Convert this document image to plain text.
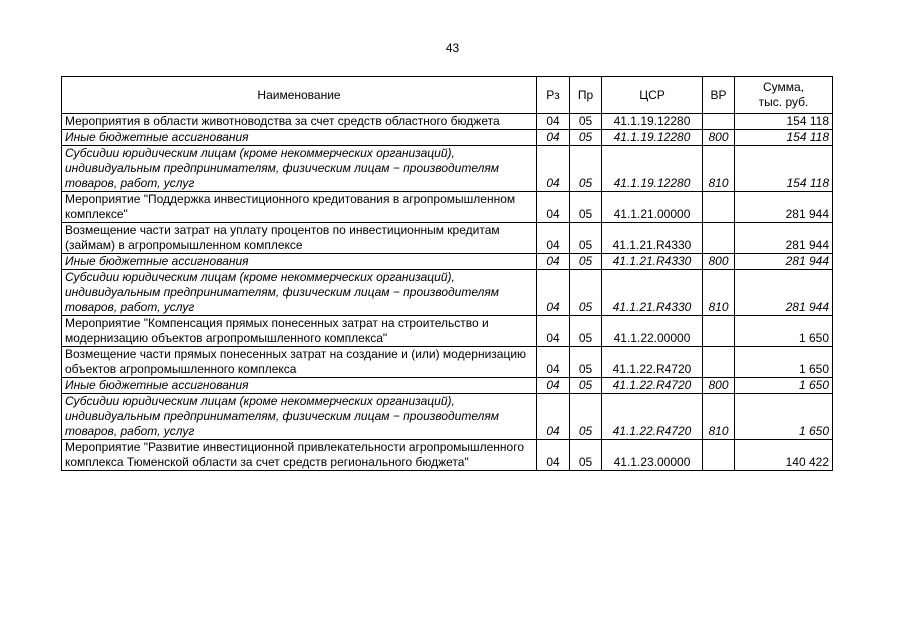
43
Наименование	Рз	Пр	ЦСР	ВР	Сумма,
тыс. руб.

Мероприятия в области животноводства за счет средств областного бюджета	04	05	41.1.19.12280		154 118
Иные бюджетные ассигнования	04	05	41.1.19.12280	800	154 118
Субсидии юридическим лицам (кроме некоммерческих организаций), индивидуальным предпринимателям, физическим лицам − производителям товаров, работ, услуг	04	05	41.1.19.12280	810	154 118
Мероприятие "Поддержка инвестиционного кредитования в агропромышленном комплексе"	04	05	41.1.21.00000		281 944
Возмещение части затрат на уплату процентов по инвестиционным кредитам (займам) в агропромышленном комплексе	04	05	41.1.21.R4330		281 944
Иные бюджетные ассигнования	04	05	41.1.21.R4330	800	281 944
Субсидии юридическим лицам (кроме некоммерческих организаций), индивидуальным предпринимателям, физическим лицам − производителям товаров, работ, услуг	04	05	41.1.21.R4330	810	281 944
Мероприятие "Компенсация прямых понесенных затрат на строительство и модернизацию объектов агропромышленного комплекса"	04	05	41.1.22.00000		1 650
Возмещение части прямых понесенных затрат на создание и (или) модернизацию объектов агропромышленного комплекса	04	05	41.1.22.R4720		1 650
Иные бюджетные ассигнования	04	05	41.1.22.R4720	800	1 650
Субсидии юридическим лицам (кроме некоммерческих организаций), индивидуальным предпринимателям, физическим лицам − производителям товаров, работ, услуг	04	05	41.1.22.R4720	810	1 650
Мероприятие "Развитие инвестиционной привлекательности агропромышленного комплекса Тюменской области за счет средств регионального бюджета"	04	05	41.1.23.00000		140 422
